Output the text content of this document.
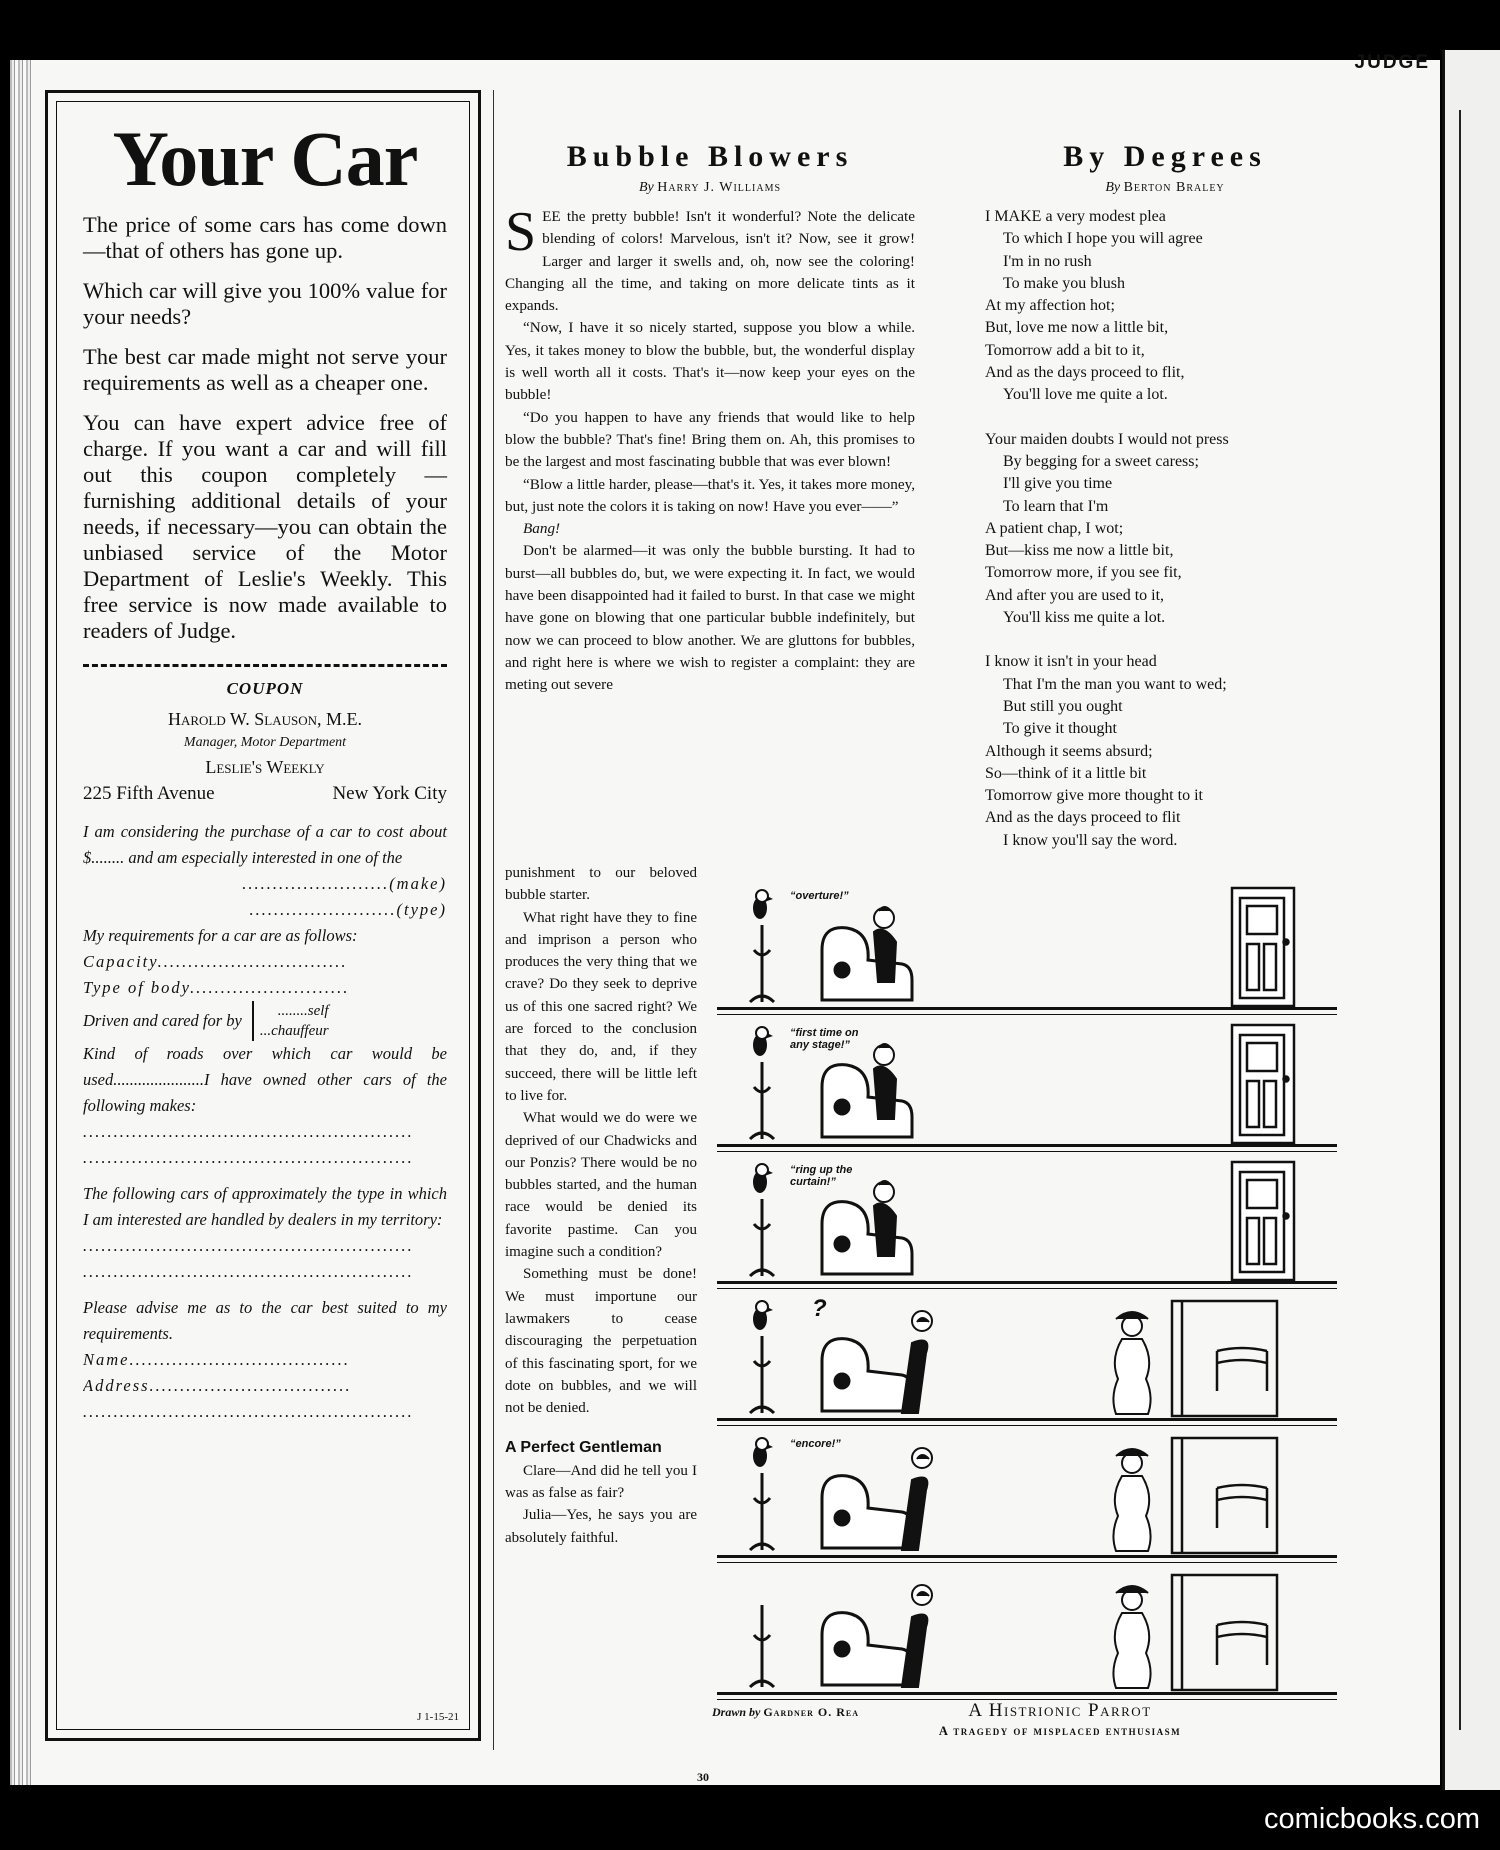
JUDGE
Your Car

The price of some cars has come down—that of others has gone up.

Which car will give you 100% value for your needs?

The best car made might not serve your requirements as well as a cheaper one.

You can have expert advice free of charge. If you want a car and will fill out this coupon completely — furnishing additional details of your needs, if necessary—you can obtain the unbiased service of the Motor Department of Leslie's Weekly. This free service is now made available to readers of Judge.

COUPON
Harold W. Slauson, M.E.
Manager, Motor Department
Leslie's Weekly
225 Fifth Avenue	New York City
I am considering the purchase of a car to cost about $........ and am especially interested in one of the
........................(make)
........................(type)
My requirements for a car are as follows:
Capacity...............................
Type of body..........................
Driven and cared for by	........self
...chauffeur
Kind of roads over which car would be used......................I have owned other cars of the following makes:
......................................................
......................................................
The following cars of approximately the type in which I am interested are handled by dealers in my territory:
......................................................
......................................................
Please advise me as to the car best suited to my requirements.
Name....................................
Address.................................
......................................................
J 1-15-21
Bubble Blowers
By Harry J. Williams

SEE the pretty bubble! Isn't it wonderful? Note the delicate blending of colors! Marvelous, isn't it? Now, see it grow! Larger and larger it swells and, oh, now see the coloring! Changing all the time, and taking on more delicate tints as it expands.

“Now, I have it so nicely started, suppose you blow a while. Yes, it takes money to blow the bubble, but, the wonderful display is well worth all it costs. That's it—now keep your eyes on the bubble!

“Do you happen to have any friends that would like to help blow the bubble? That's fine! Bring them on. Ah, this promises to be the largest and most fascinating bubble that was ever blown!

“Blow a little harder, please—that's it. Yes, it takes more money, but, just note the colors it is taking on now! Have you ever——”

Bang!

Don't be alarmed—it was only the bubble bursting. It had to burst—all bubbles do, but, we were expecting it. In fact, we would have been disappointed had it failed to burst. In that case we might have gone on blowing that one particular bubble indefinitely, but now we can proceed to blow another. We are gluttons for bubbles, and right here is where we wish to register a complaint: they are meting out severe

punishment to our beloved bubble starter.

What right have they to fine and imprison a person who produces the very thing that we crave? Do they seek to deprive us of this one sacred right? We are forced to the conclusion that they do, and, if they succeed, there will be little left to live for.

What would we do were we deprived of our Chadwicks and our Ponzis? There would be no bubbles started, and the human race would be denied its favorite pastime. Can you imagine such a condition?

Something must be done! We must importune our lawmakers to cease discouraging the perpetuation of this fascinating sport, for we dote on bubbles, and we will not be denied.

A Perfect Gentleman

Clare—And did he tell you I was as false as fair?

Julia—Yes, he says you are absolutely faithful.

By Degrees
By Berton Braley
I MAKE a very modest plea
To which I hope you will agree
I'm in no rush
To make you blush
At my affection hot;
But, love me now a little bit,
Tomorrow add a bit to it,
And as the days proceed to flit,
You'll love me quite a lot.
Your maiden doubts I would not press
By begging for a sweet caress;
I'll give you time
To learn that I'm
A patient chap, I wot;
But—kiss me now a little bit,
Tomorrow more, if you see fit,
And after you are used to it,
You'll kiss me quite a lot.
I know it isn't in your head
That I'm the man you want to wed;
But still you ought
To give it thought
Although it seems absurd;
So—think of it a little bit
Tomorrow give more thought to it
And as the days proceed to flit
I know you'll say the word.
“overture!”
“first time on any stage!”
“ring up the curtain!”
?
“encore!”
Drawn by Gardner O. Rea	A Histrionic Parrot
A tragedy of misplaced enthusiasm
30
comicbooks.com
